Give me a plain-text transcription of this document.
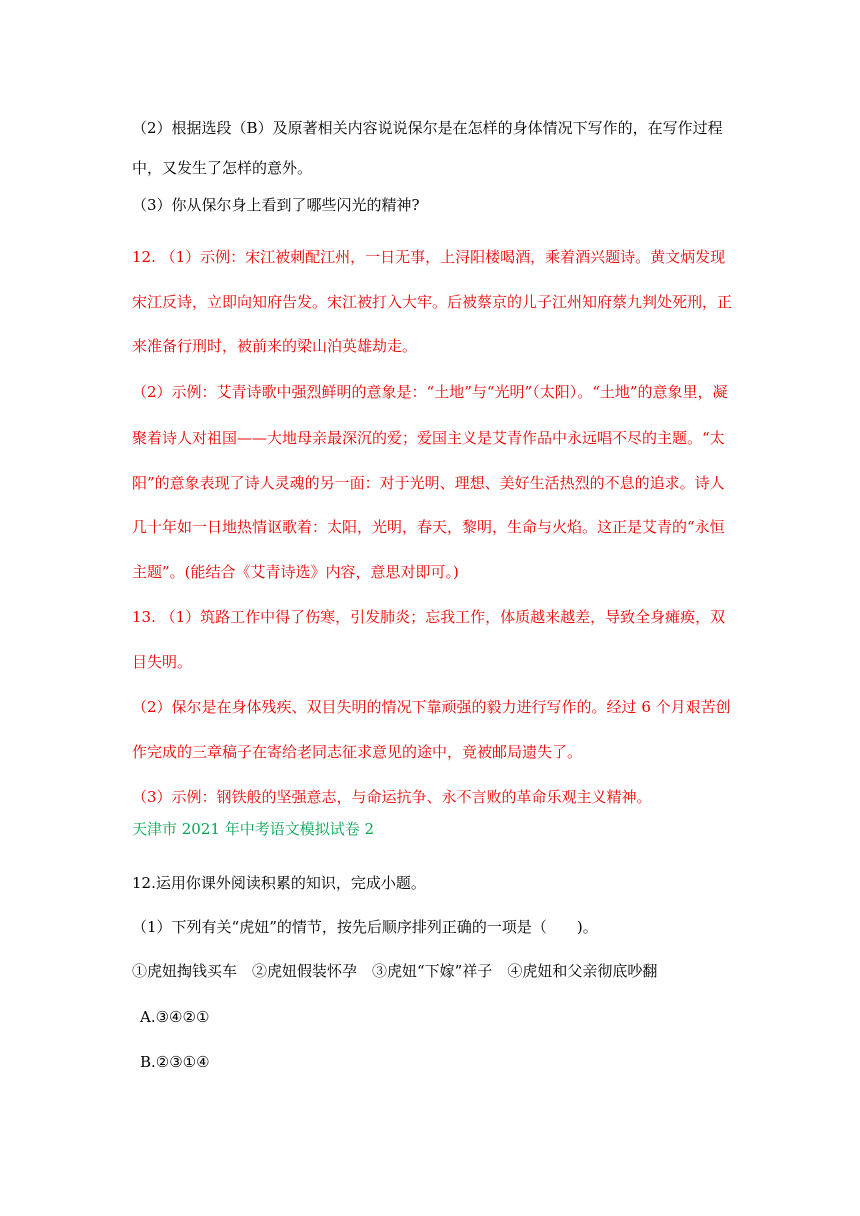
（2）根据选段（B）及原著相关内容说说保尔是在怎样的身体情况下写作的，在写作过程
中，又发生了怎样的意外。
（3）你从保尔身上看到了哪些闪光的精神?
12. （1）示例：宋江被刺配江州，一日无事，上浔阳楼喝酒，乘着酒兴题诗。黄文炳发现
宋江反诗，立即向知府告发。宋江被打入大牢。后被蔡京的儿子江州知府蔡九判处死刑，正
来准备行刑时，被前来的梁山泊英雄劫走。
（2）示例：艾青诗歌中强烈鲜明的意象是：“土地”与“光明”（太阳）。“土地”的意象里，凝
聚着诗人对祖国——大地母亲最深沉的爱；爱国主义是艾青作品中永远唱不尽的主题。“太
阳”的意象表现了诗人灵魂的另一面：对于光明、理想、美好生活热烈的不息的追求。诗人
几十年如一日地热情讴歌着：太阳，光明，春天，黎明，生命与火焰。这正是艾青的“永恒
主题”。(能结合《艾青诗选》内容，意思对即可。)
13. （1）筑路工作中得了伤寒，引发肺炎；忘我工作，体质越来越差，导致全身瘫痪，双
目失明。
（2）保尔是在身体残疾、双目失明的情况下靠顽强的毅力进行写作的。经过 6 个月艰苦创
作完成的三章稿子在寄给老同志征求意见的途中，竟被邮局遗失了。
（3）示例：钢铁般的坚强意志，与命运抗争、永不言败的革命乐观主义精神。
天津市 2021 年中考语文模拟试卷 2
12.运用你课外阅读积累的知识，完成小题。
（1）下列有关“虎妞”的情节，按先后顺序排列正确的一项是（　　)。
①虎妞掏钱买车　②虎妞假装怀孕　③虎妞“下嫁”祥子　④虎妞和父亲彻底吵翻
A.③④②①
B.②③①④
